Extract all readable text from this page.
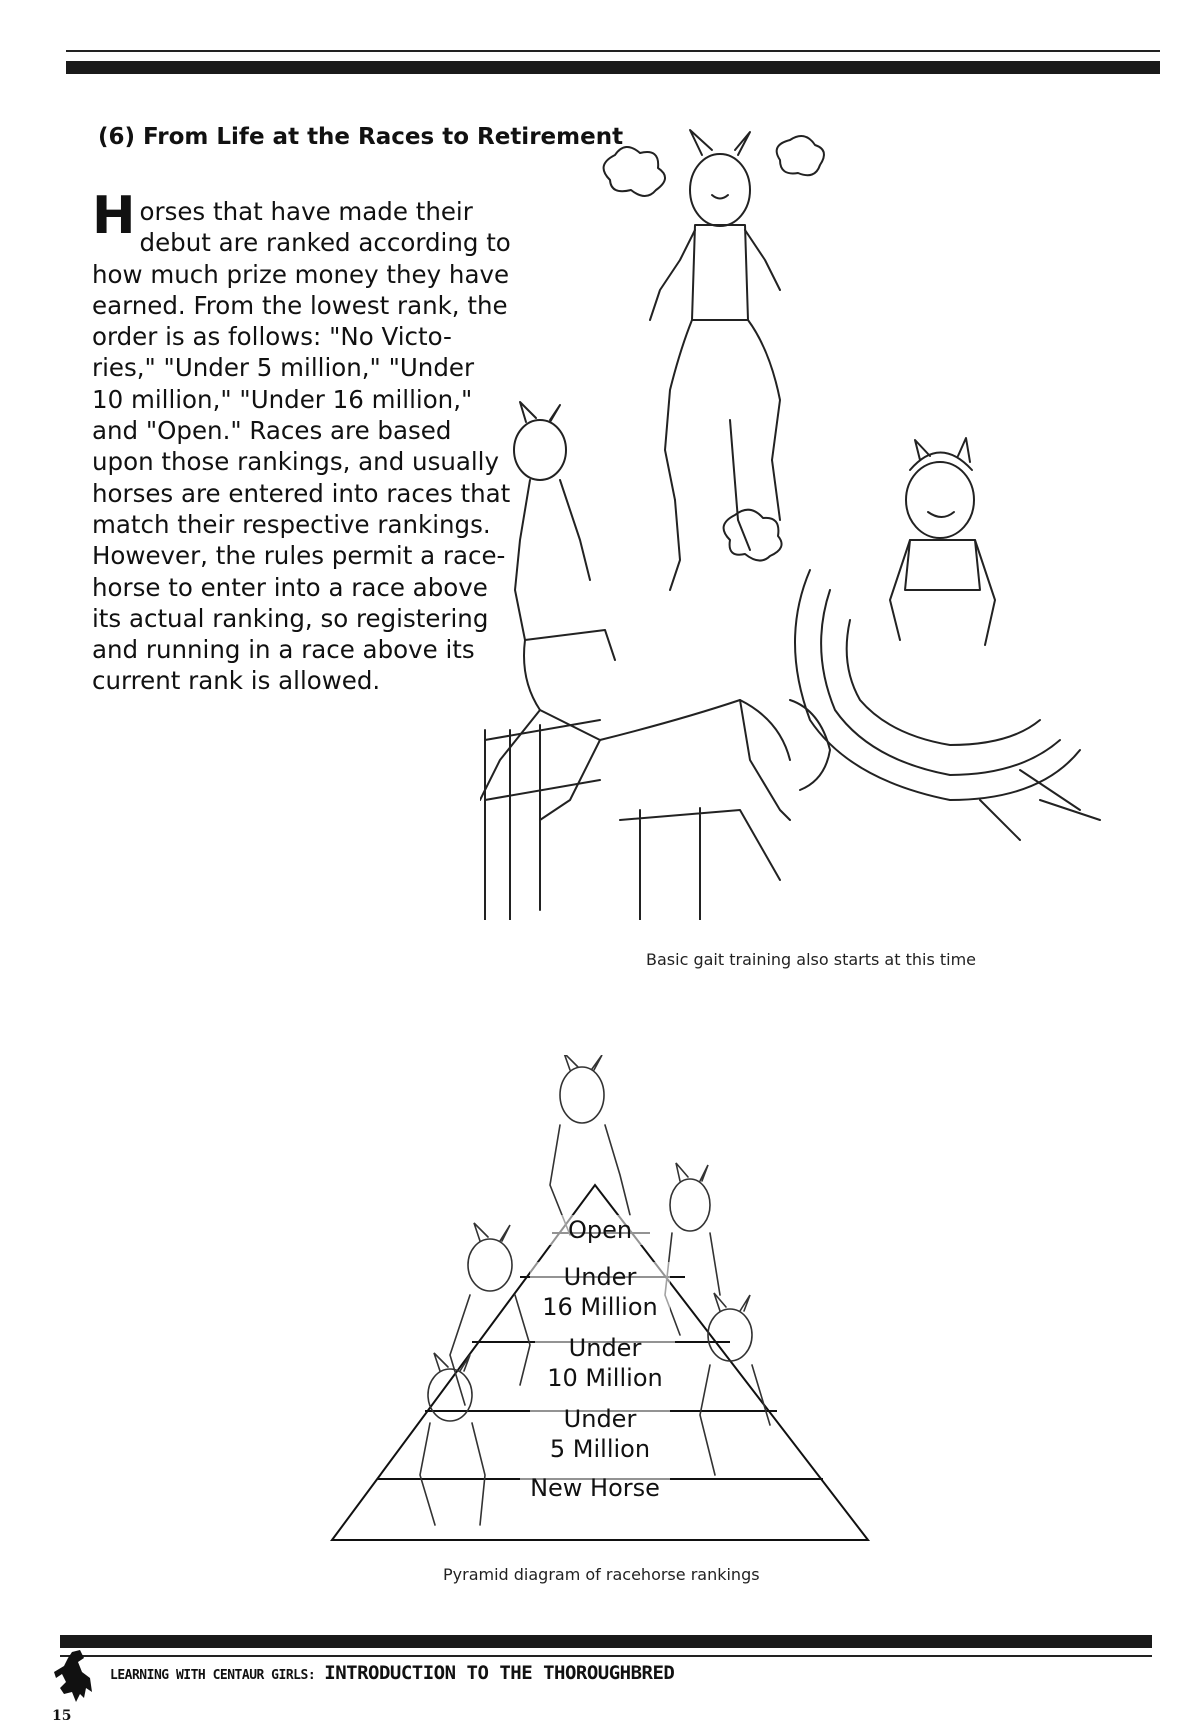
(6) From Life at the Races to Retirement

Horses that have made their debut are ranked according to how much prize money they have earned. From the lowest rank, the order is as follows: "No Victo-ries," "Under 5 million," "Under 10 million," "Under 16 million," and "Open." Races are based upon those rankings, and usually horses are entered into races that match their respective rankings.

However, the rules permit a race-horse to enter into a race above its actual ranking, so registering and running in a race above its current rank is allowed.

Basic gait training also starts at this time
Open
Under
16 Million
Under
10 Million
Under
5 Million
New Horse
Pyramid diagram of racehorse rankings
15
LEARNING WITH CENTAUR GIRLS: INTRODUCTION TO THE THOROUGHBRED
